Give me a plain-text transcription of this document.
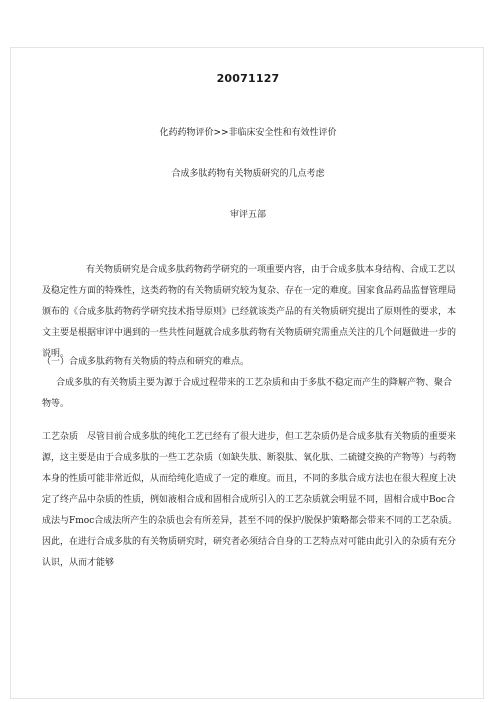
20071127
化药药物评价>>非临床安全性和有效性评价
合成多肽药物有关物质研究的几点考虑
审评五部
有关物质研究是合成多肽药物药学研究的一项重要内容，由于合成多肽本身结构、合成工艺以及稳定性方面的特殊性，这类药物的有关物质研究较为复杂、存在一定的难度。国家食品药品监督管理局颁布的《合成多肽药物药学研究技术指导原则》已经就该类产品的有关物质研究提出了原则性的要求，本文主要是根据审评中遇到的一些共性问题就合成多肽药物有关物质研究需重点关注的几个问题做进一步的说明。
（一）合成多肽药物有关物质的特点和研究的难点。
合成多肽的有关物质主要为源于合成过程带来的工艺杂质和由于多肽不稳定而产生的降解产物、聚合物等。
工艺杂质　尽管目前合成多肽的纯化工艺已经有了很大进步，但工艺杂质仍是合成多肽有关物质的重要来源，这主要是由于合成多肽的一些工艺杂质（如缺失肽、断裂肽、氧化肽、二硫键交换的产物等）与药物本身的性质可能非常近似，从而给纯化造成了一定的难度。而且，不同的多肽合成方法也在很大程度上决定了终产品中杂质的性质，例如液相合成和固相合成所引入的工艺杂质就会明显不同，固相合成中Boc合成法与Fmoc合成法所产生的杂质也会有所差异，甚至不同的保护/脱保护策略都会带来不同的工艺杂质。因此，在进行合成多肽的有关物质研究时，研究者必须结合自身的工艺特点对可能由此引入的杂质有充分认识，从而才能够
